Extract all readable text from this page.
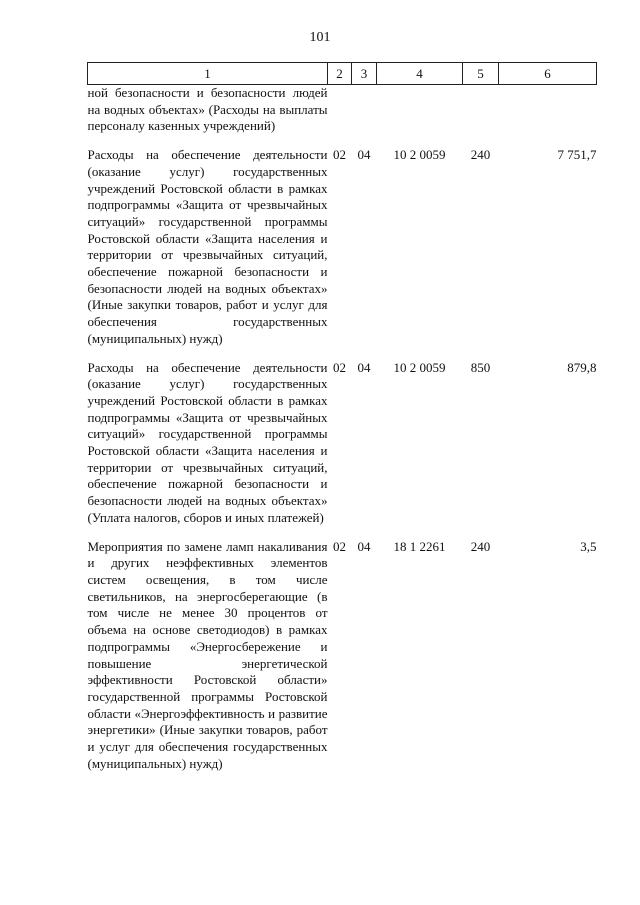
101
1	2	3	4	5	6
ной безопасности и безопасности людей на водных объектах» (Расходы на выплаты персоналу казенных учреждений)					
Расходы на обеспечение деятельности (оказание услуг) государственных учреждений Ростовской области в рамках подпрограммы «Защита от чрезвычайных ситуаций» государственной программы Ростовской области «Защита населения и территории от чрезвычайных ситуаций, обеспечение пожарной безопасности и безопасности людей на водных объектах» (Иные закупки товаров, работ и услуг для обеспечения государственных (муниципальных) нужд)	02	04	10 2 0059	240	7 751,7
Расходы на обеспечение деятельности (оказание услуг) государственных учреждений Ростовской области в рамках подпрограммы «Защита от чрезвычайных ситуаций» государственной программы Ростовской области «Защита населения и территории от чрезвычайных ситуаций, обеспечение пожарной безопасности и безопасности людей на водных объектах» (Уплата налогов, сборов и иных платежей)	02	04	10 2 0059	850	879,8
Мероприятия по замене ламп накаливания и других неэффективных элементов систем освещения, в том числе светильников, на энергосберегающие (в том числе не менее 30 процентов от объема на основе светодиодов) в рамках подпрограммы «Энергосбережение и повышение энергетической эффективности Ростовской области» государственной программы Ростовской области «Энергоэффективность и развитие энергетики» (Иные закупки товаров, работ и услуг для обеспечения государственных (муниципальных) нужд)	02	04	18 1 2261	240	3,5
